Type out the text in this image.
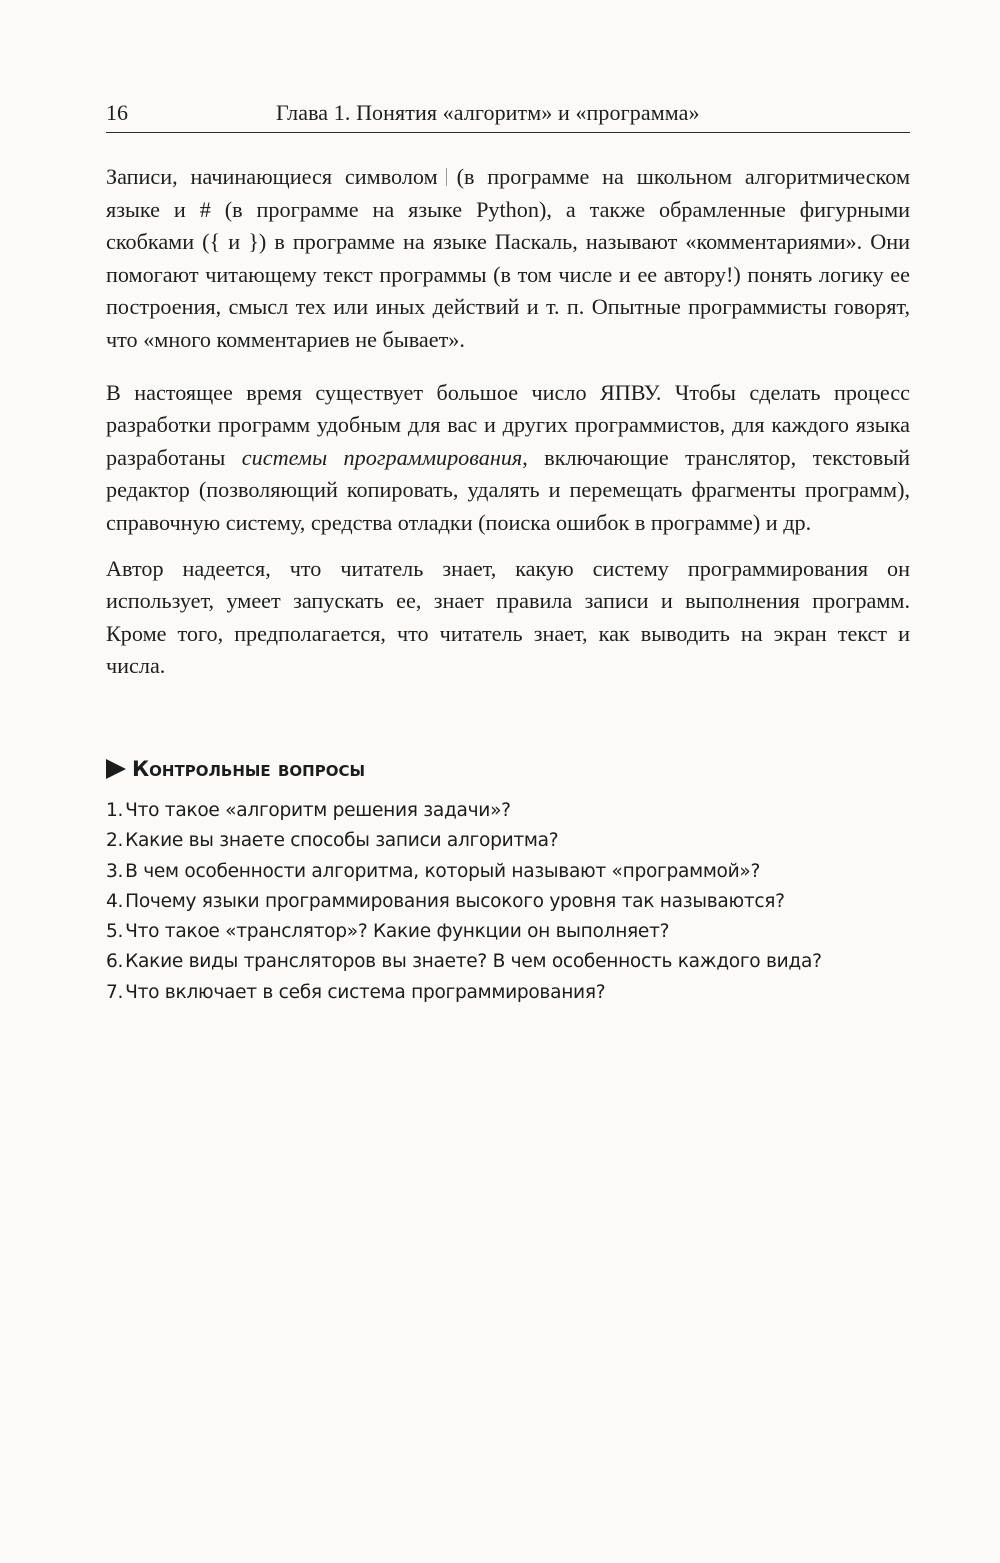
16	Глава 1. Понятия «алгоритм» и «программа»

Записи, начинающиеся символом (в программе на школьном алгоритмическом языке и # (в программе на языке Python), а также обрамленные фигурными скобками ({ и }) в программе на языке Паскаль, называют «комментариями». Они помогают читающему текст программы (в том числе и ее автору!) понять логику ее построения, смысл тех или иных действий и т. п. Опытные программисты говорят, что «много комментариев не бывает».

В настоящее время существует большое число ЯПВУ. Чтобы сделать процесс разработки программ удобным для вас и других программистов, для каждого языка разработаны системы программирования, включающие транслятор, текстовый редактор (позволяющий копировать, удалять и перемещать фрагменты программ), справочную систему, средства отладки (поиска ошибок в программе) и др.

Автор надеется, что читатель знает, какую систему программирования он использует, умеет запускать ее, знает правила записи и выполнения программ. Кроме того, предполагается, что читатель знает, как выводить на экран текст и числа.

Контрольные вопросы
1. Что такое «алгоритм решения задачи»?
2. Какие вы знаете способы записи алгоритма?
3. В чем особенности алгоритма, который называют «программой»?
4. Почему языки программирования высокого уровня так называются?
5. Что такое «транслятор»? Какие функции он выполняет?
6. Какие виды трансляторов вы знаете? В чем особенность каждого вида?
7. Что включает в себя система программирования?
